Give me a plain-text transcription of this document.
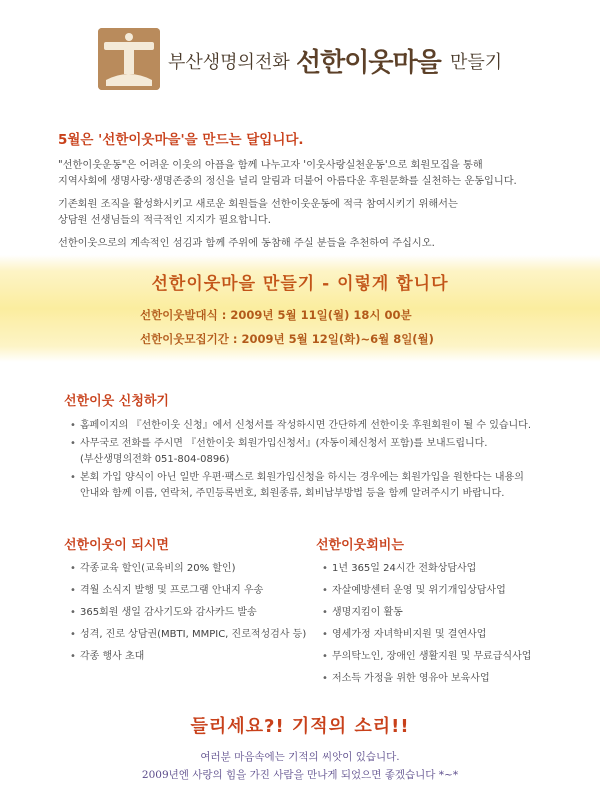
부산생명의전화 선한이웃마을 만들기
5월은 '선한이웃마을'을 만드는 달입니다.

"선한이웃운동"은 어려운 이웃의 아픔을 함께 나누고자 '이웃사랑실천운동'으로 회원모집을 통해
지역사회에 생명사랑·생명존중의 정신을 널리 알림과 더불어 아름다운 후원문화를 실천하는 운동입니다.

기존회원 조직을 활성화시키고 새로운 회원들을 선한이웃운동에 적극 참여시키기 위해서는
상담원 선생님들의 적극적인 지지가 필요합니다.

선한이웃으로의 계속적인 섬김과 함께 주위에 동참해 주실 분들을 추천하여 주십시오.

선한이웃마을 만들기 - 이렇게 합니다
선한이웃발대식 : 2009년 5월 11일(월) 18시 00분
선한이웃모집기간 : 2009년 5월 12일(화)~6월 8일(월)
선한이웃 신청하기
• 홈페이지의 『선한이웃 신청』에서 신청서를 작성하시면 간단하게 선한이웃 후원회원이 될 수 있습니다.
• 사무국로 전화를 주시면 『선한이웃 회원가입신청서』(자동이체신청서 포함)를 보내드립니다.
(부산생명의전화 051-804-0896)
• 본회 가입 양식이 아닌 일반 우편·팩스로 회원가입신청을 하시는 경우에는 회원가입을 원한다는 내용의
안내와 함께 이름, 연락처, 주민등록번호, 회원종류, 회비납부방법 등을 함께 알려주시기 바랍니다.
선한이웃이 되시면
• 각종교육 할인(교육비의 20% 할인)
• 격월 소식지 발행 및 프로그램 안내지 우송
• 365회원 생일 감사기도와 감사카드 발송
• 성격, 진로 상담권(MBTI, MMPIC, 진로적성검사 등)
• 각종 행사 초대
선한이웃회비는
• 1년 365일 24시간 전화상담사업
• 자살예방센터 운영 및 위기개입상담사업
• 생명지킴이 활동
• 영세가정 자녀학비지원 및 결연사업
• 무의탁노인, 장애인 생활지원 및 무료급식사업
• 저소득 가정을 위한 영유아 보육사업
들리세요?! 기적의 소리!!
여러분 마음속에는 기적의 씨앗이 있습니다.
2009년엔 사랑의 힘을 가진 사람을 만나게 되었으면 좋겠습니다 *~*
